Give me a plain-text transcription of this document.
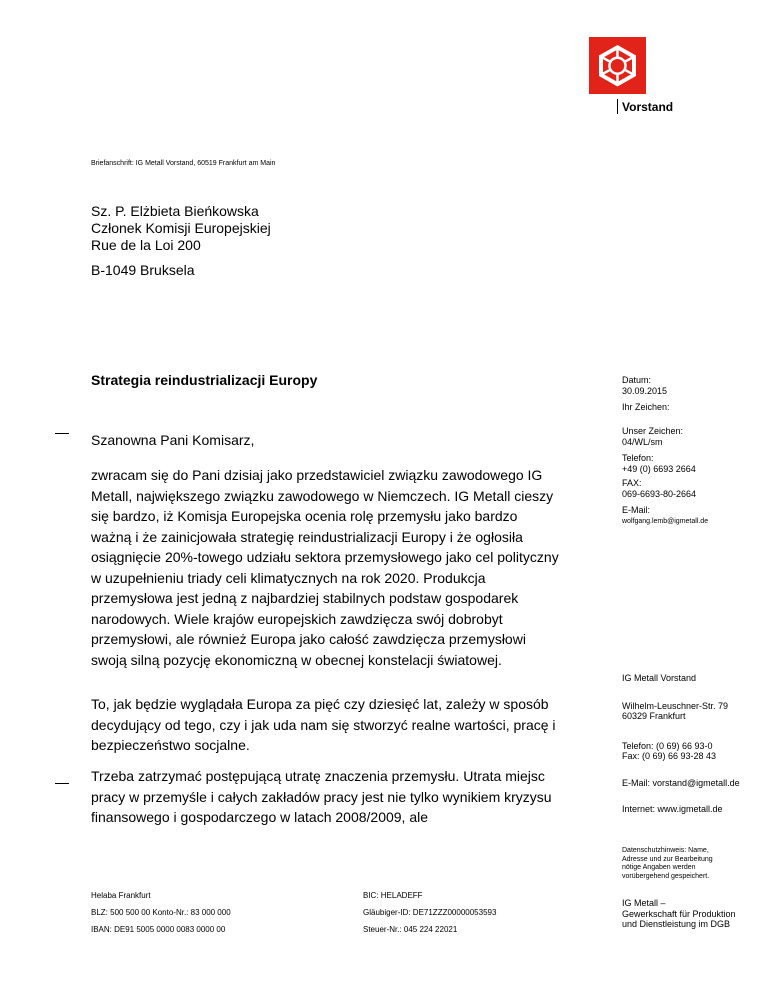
Vorstand
Briefanschrift: IG Metall Vorstand, 60519 Frankfurt am Main
Sz. P. Elżbieta Bieńkowska
Członek Komisji Europejskiej
Rue de la Loi 200
B-1049 Bruksela
Strategia reindustrializacji Europy
Szanowna Pani Komisarz,

zwracam się do Pani dzisiaj jako przedstawiciel związku zawodowego IG Metall, największego związku zawodowego w Niemczech. IG Metall cieszy się bardzo, iż Komisja Europejska ocenia rolę przemysłu jako bardzo ważną i że zainicjowała strategię reindustrializacji Europy i że ogłosiła osiągnięcie 20%-towego udziału sektora przemysłowego jako cel polityczny w uzupełnieniu triady celi klimatycznych na rok 2020. Produkcja przemysłowa jest jedną z najbardziej stabilnych podstaw gospodarek narodowych. Wiele krajów europejskich zawdzięcza swój dobrobyt przemysłowi, ale również Europa jako całość zawdzięcza przemysłowi swoją silną pozycję ekonomiczną w obecnej konstelacji światowej.

To, jak będzie wyglądała Europa za pięć czy dziesięć lat, zależy w sposób decydujący od tego, czy i jak uda nam się stworzyć realne wartości, pracę i bezpieczeństwo socjalne.

Trzeba zatrzymać postępującą utratę znaczenia przemysłu. Utrata miejsc pracy w przemyśle i całych zakładów pracy jest nie tylko wynikiem kryzysu finansowego i gospodarczego w latach 2008/2009, ale

Datum:
30.09.2015
Ihr Zeichen:
Unser Zeichen:
04/WL/sm
Telefon:
+49 (0) 6693 2664
FAX:
069-6693-80-2664
E-Mail:
wolfgang.lemb@igmetall.de
IG Metall Vorstand
Wilhelm-Leuschner-Str. 79
60329 Frankfurt
Telefon: (0 69) 66 93-0
Fax: (0 69) 66 93-28 43
E-Mail: vorstand@igmetall.de
Internet: www.igmetall.de
Datenschutzhinweis: Name,
Adresse und zur Bearbeitung
nötige Angaben werden
vorübergehend gespeichert.
IG Metall –
Gewerkschaft für Produktion
und Dienstleistung im DGB
Helaba Frankfurt
BLZ: 500 500 00 Konto-Nr.: 83 000 000
IBAN: DE91 5005 0000 0083 0000 00
BIC: HELADEFF
Gläubiger-ID: DE71ZZZ00000053593
Steuer-Nr.: 045 224 22021
